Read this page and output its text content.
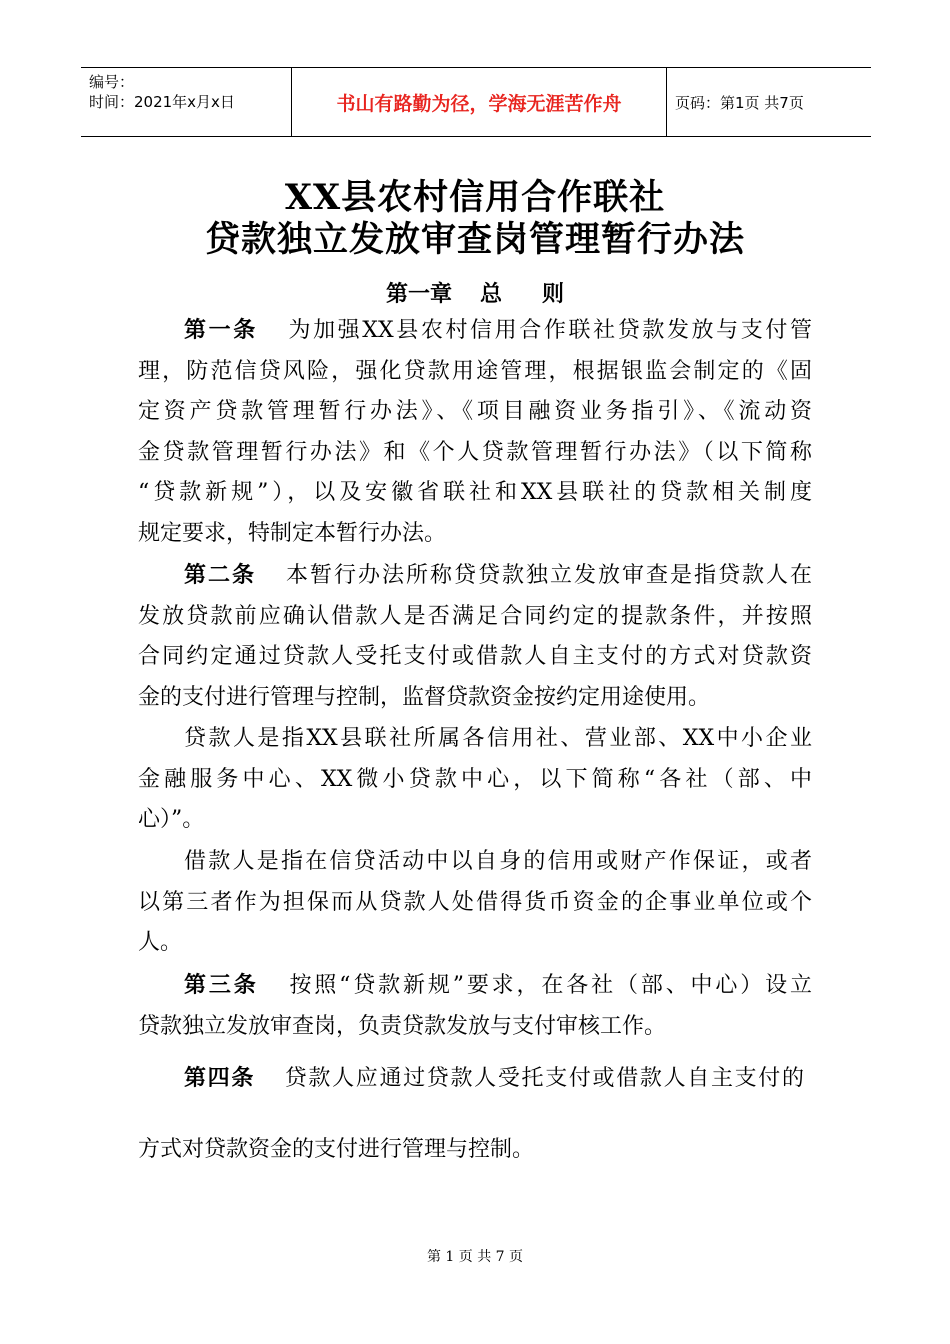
编号：
时间：2021年x月x日	书山有路勤为径，学海无涯苦作舟	页码：第1页 共7页
XX县农村信用合作联社
贷款独立发放审查岗管理暂行办法
第一章 总 则
第一条 为加强XX县农村信用合作联社贷款发放与支付管
理，防范信贷风险，强化贷款用途管理，根据银监会制定的《固
定资产贷款管理暂行办法》、《项目融资业务指引》、《流动资
金贷款管理暂行办法》和《个人贷款管理暂行办法》（以下简称
“贷款新规”），以及安徽省联社和XX县联社的贷款相关制度
规定要求，特制定本暂行办法。
第二条 本暂行办法所称贷贷款独立发放审查是指贷款人在
发放贷款前应确认借款人是否满足合同约定的提款条件，并按照
合同约定通过贷款人受托支付或借款人自主支付的方式对贷款资
金的支付进行管理与控制，监督贷款资金按约定用途使用。
贷款人是指XX县联社所属各信用社、营业部、XX中小企业
金融服务中心、XX微小贷款中心，以下简称“各社（部、中
心）”。
借款人是指在信贷活动中以自身的信用或财产作保证，或者
以第三者作为担保而从贷款人处借得货币资金的企事业单位或个
人。
第三条 按照“贷款新规”要求，在各社（部、中心）设立
贷款独立发放审查岗，负责贷款发放与支付审核工作。
第四条 贷款人应通过贷款人受托支付或借款人自主支付的
方式对贷款资金的支付进行管理与控制。
第 1 页 共 7 页
